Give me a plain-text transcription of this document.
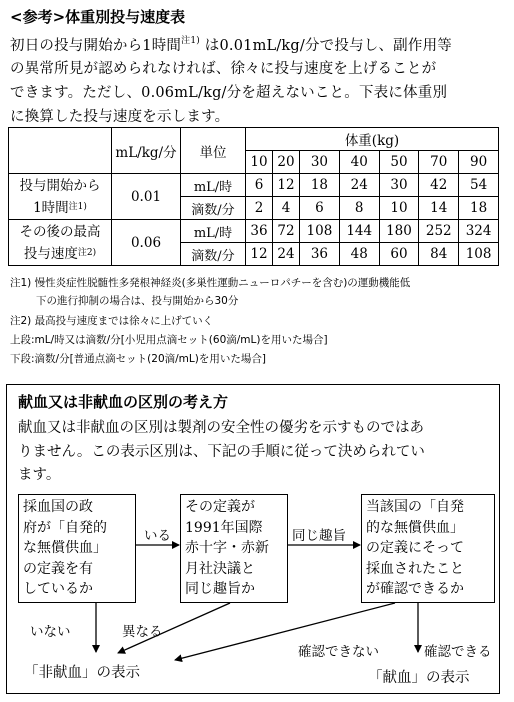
<参考>体重別投与速度表
初日の投与開始から1時間$^{注1)}$ は0.01mL/kg/分で投与し、副作用等
の異常所見が認められなければ、徐々に投与速度を上げることが
できます。ただし、0.06mL/kg/分を超えないこと。下表に体重別
に換算した投与速度を示します。
	mL/kg/分	単位	体重(kg)						
			10	20	30	40	50	70	90
投与開始から
1時間$^{注1)}$	0.01	mL/時	6	12	18	24	30	42	54
		滴数/分	2	4	6	8	10	14	18
その後の最高
投与速度$^{注2)}$	0.06	mL/時	36	72	108	144	180	252	324
		滴数/分	12	24	36	48	60	84	108
注1) 慢性炎症性脱髄性多発根神経炎(多巣性運動ニューロパチーを含む)の運動機能低
下の進行抑制の場合は、投与開始から30分
注2) 最高投与速度までは徐々に上げていく
上段:mL/時又は滴数/分[小児用点滴セット(60滴/mL)を用いた場合]
下段:滴数/分[普通点滴セット(20滴/mL)を用いた場合]
献血又は非献血の区別の考え方
献血又は非献血の区別は製剤の安全性の優劣を示すものではあ
りません。この表示区別は、下記の手順に従って決められてい
ます。
採血国の政
府が「自発的
な無償供血」
の定義を有
しているか
その定義が
1991年国際
赤十字・赤新
月社決議と
同じ趣旨か
当該国の「自発
的な無償供血」
の定義にそって
採血されたこと
が確認できるか
いる	同じ趣旨
いない	異なる
確認できない	確認できる
「非献血」の表示	「献血」の表示
